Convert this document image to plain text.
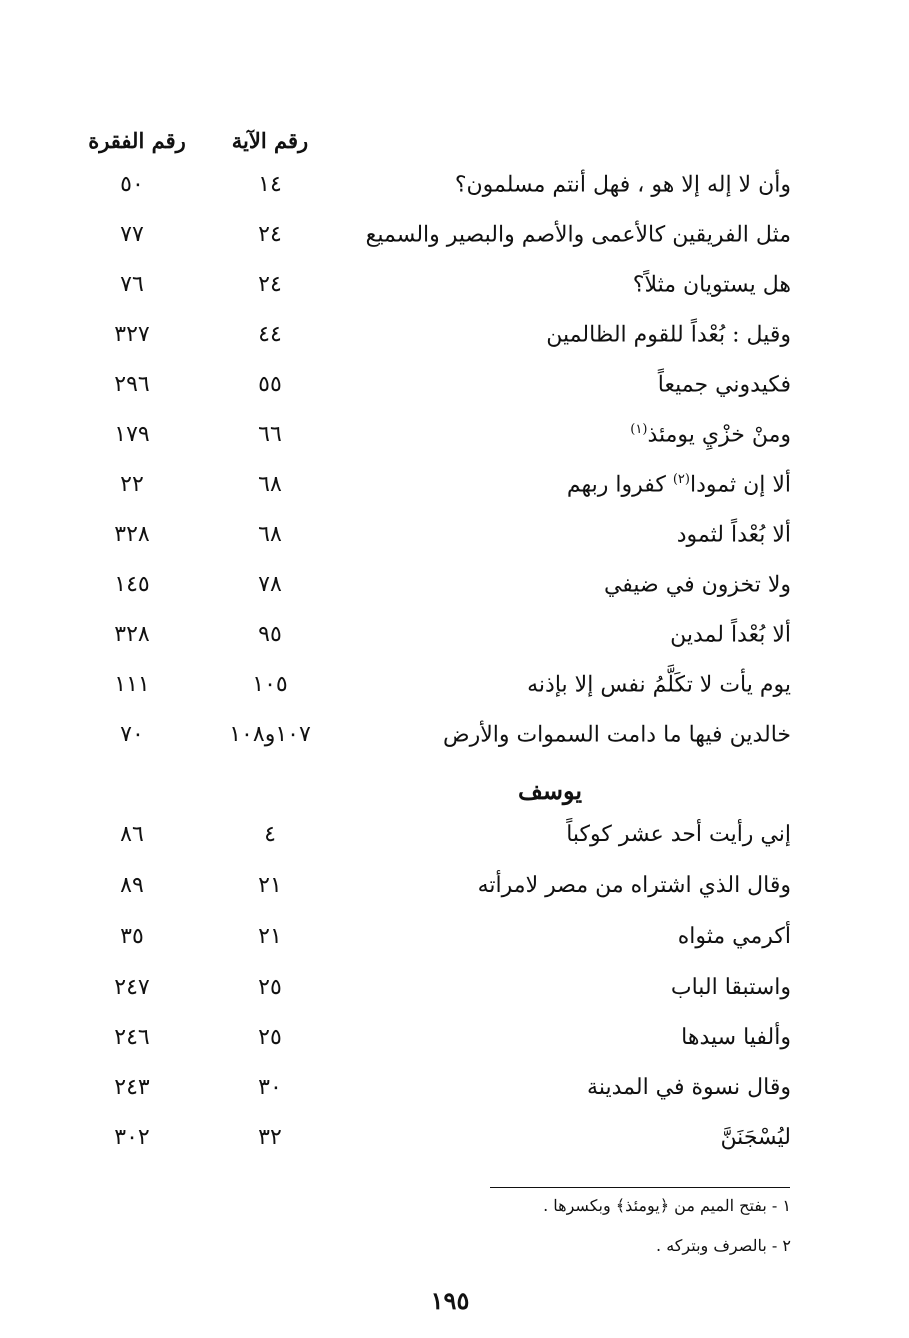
رقم الفقرة	رقم الآية
وأن لا إله إلا هو ، فهل أنتم مسلمون؟
١٤
٥٠
مثل الفريقين كالأعمى والأصم والبصير والسميع
٢٤
٧٧
هل يستويان مثلاً؟
٢٤
٧٦
وقيل : بُعْداً للقوم الظالمين
٤٤
٣٢٧
فكيدوني جميعاً
٥٥
٢٩٦
ومنْ خزْيِ يومئذ$^{(١)}$
٦٦
١٧٩
ألا إن ثمودا$^{(٢)}$ كفروا ربهم
٦٨
٢٢
ألا بُعْداً لثمود
٦٨
٣٢٨
ولا تخزون في ضيفي
٧٨
١٤٥
ألا بُعْداً لمدين
٩٥
٣٢٨
يوم يأت لا تكَلَّمُ نفس إلا بإذنه
١٠٥
١١١
خالدين فيها ما دامت السموات والأرض
١٠٧و١٠٨
٧٠
يوسف
إني رأيت أحد عشر كوكباً
٤
٨٦
وقال الذي اشتراه من مصر لامرأته
٢١
٨٩
أكرمي مثواه
٢١
٣٥
واستبقا الباب
٢٥
٢٤٧
وألفيا سيدها
٢٥
٢٤٦
وقال نسوة في المدينة
٣٠
٢٤٣
ليُسْجَنَنَّ
٣٢
٣٠٢
١ - بفتح الميم من ﴿يومئذ﴾ وبكسرها .
٢ - بالصرف وبتركه .
١٩٥
